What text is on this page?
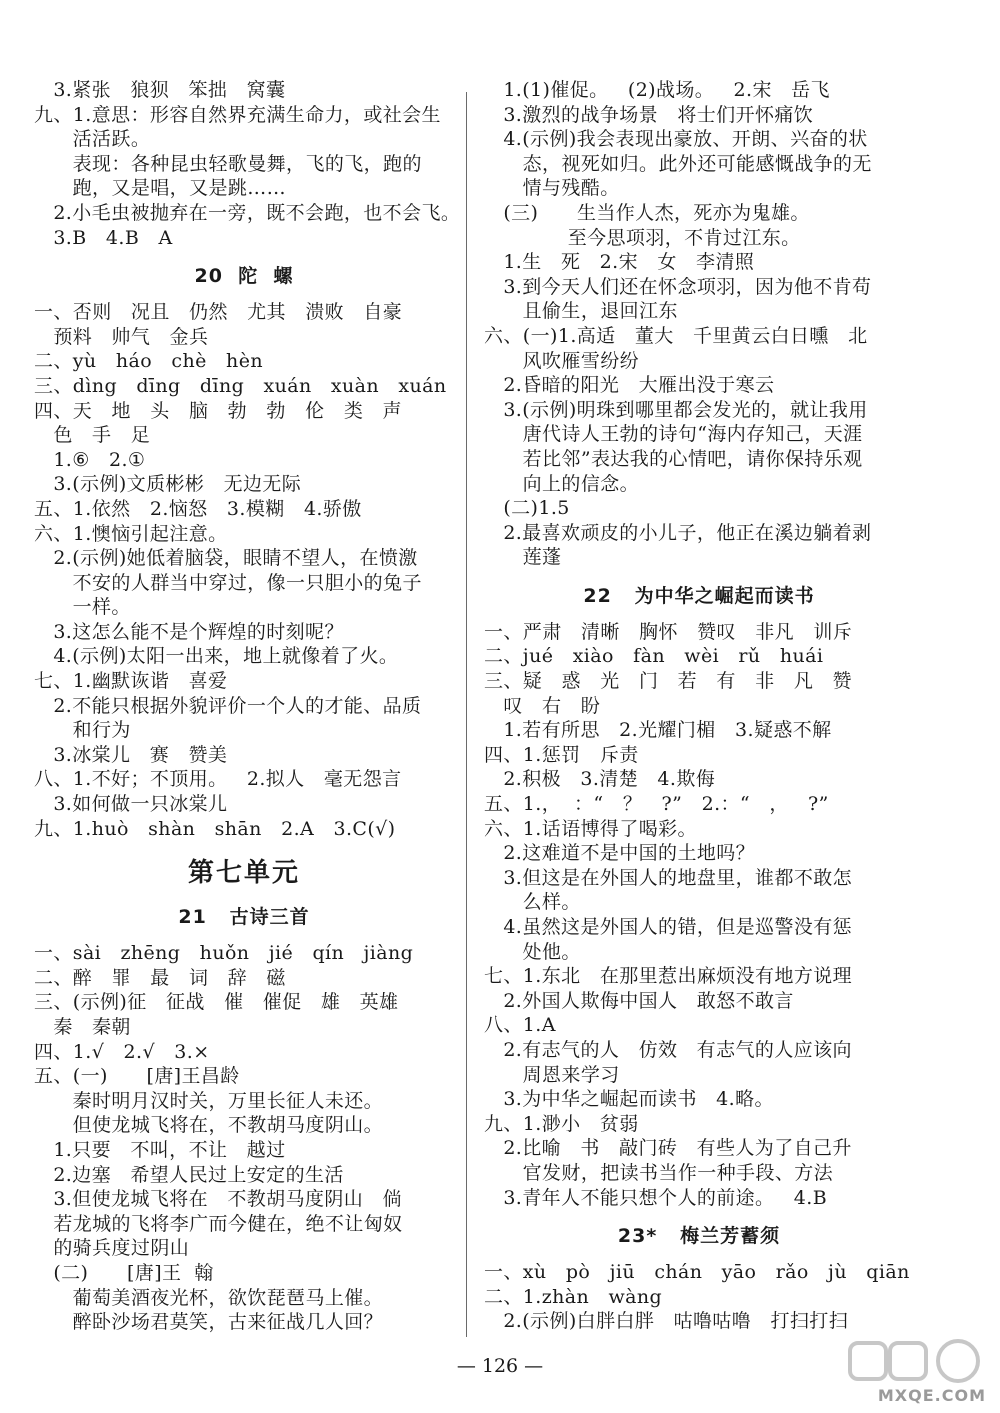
3.紧张   狼狈   笨拙   窝囊
九、1.意思：形容自然界充满生命力，或社会生
活活跃。
表现：各种昆虫轻歌曼舞，飞的飞，跑的
跑，又是唱，又是跳……
2.小毛虫被抛弃在一旁，既不会跑，也不会飞。
3.B   4.B   A
20  陀  螺
一、否则   况且   仍然   尤其   溃败   自豪
预料   帅气   金兵
二、yù   háo   chè   hèn
三、dìng   dīng   dīng   xuán   xuàn   xuán
四、天   地   头   脑   勃   勃   伦   类   声
色   手   足
1.⑥   2.①
3.(示例)文质彬彬   无边无际
五、1.依然   2.恼怒   3.模糊   4.骄傲
六、1.懊恼引起注意。
2.(示例)她低着脑袋，眼睛不望人，在愤激
不安的人群当中穿过，像一只胆小的兔子
一样。
3.这怎么能不是个辉煌的时刻呢？
4.(示例)太阳一出来，地上就像着了火。
七、1.幽默诙谐   喜爱
2.不能只根据外貌评价一个人的才能、品质
和行为
3.冰棠儿   赛   赞美
八、1.不好；不顶用。   2.拟人   毫无怨言
3.如何做一只冰棠儿
九、1.huò   shàn   shān   2.A   3.C(√)
第七单元
21   古诗三首
一、sài   zhēng   huǒn   jié   qín   jiàng
二、醉   罪   最   词   辞   磁
三、(示例)征   征战   催   催促   雄   英雄
秦   秦朝
四、1.√   2.√   3.×
五、(一)      [唐]王昌龄
秦时明月汉时关，万里长征人未还。
但使龙城飞将在，不教胡马度阴山。
1.只要   不叫，不让   越过
2.边塞   希望人民过上安定的生活
3.但使龙城飞将在   不教胡马度阴山   倘
若龙城的飞将李广而今健在，绝不让匈奴
的骑兵度过阴山
(二)      [唐]王  翰
葡萄美酒夜光杯，欲饮琵琶马上催。
醉卧沙场君莫笑，古来征战几人回？
1.(1)催促。   (2)战场。   2.宋   岳飞
3.激烈的战争场景   将士们开怀痛饮
4.(示例)我会表现出豪放、开朗、兴奋的状
态，视死如归。此外还可能感慨战争的无
情与残酷。
(三)      生当作人杰，死亦为鬼雄。
至今思项羽，不肯过江东。
1.生   死   2.宋   女   李清照
3.到今天人们还在怀念项羽，因为他不肯苟
且偷生，退回江东
六、(一)1.高适   董大   千里黄云白日曛   北
风吹雁雪纷纷
2.昏暗的阳光   大雁出没于寒云
3.(示例)明珠到哪里都会发光的，就让我用
唐代诗人王勃的诗句“海内存知己，天涯
若比邻”表达我的心情吧，请你保持乐观
向上的信念。
(二)1.5
2.最喜欢顽皮的小儿子，他正在溪边躺着剥
莲蓬
22   为中华之崛起而读书
一、严肃   清晰   胸怀   赞叹   非凡   训斥
二、jué   xiào   fàn   wèi   rǔ   huái
三、疑   惑   光   门   若   有   非   凡   赞
叹   右   盼
1.若有所思   2.光耀门楣   3.疑惑不解
四、1.惩罚   斥责
2.积极   3.清楚   4.欺侮
五、1.，  ：“   ？   ?”   2.：“   ，   ?”
六、1.话语博得了喝彩。
2.这难道不是中国的土地吗？
3.但这是在外国人的地盘里，谁都不敢怎
么样。
4.虽然这是外国人的错，但是巡警没有惩
处他。
七、1.东北   在那里惹出麻烦没有地方说理
2.外国人欺侮中国人   敢怒不敢言
八、1.A
2.有志气的人   仿效   有志气的人应该向
周恩来学习
3.为中华之崛起而读书   4.略。
九、1.渺小   贫弱
2.比喻   书   敲门砖   有些人为了自己升
官发财，把读书当作一种手段、方法
3.青年人不能只想个人的前途。   4.B
23*   梅兰芳蓄须
一、xù   pò   jiū   chán   yāo   rǎo   jù   qiān
二、1.zhàn   wàng
2.(示例)白胖白胖   咕噜咕噜   打扫打扫
— 126 —
MXQE.COM
